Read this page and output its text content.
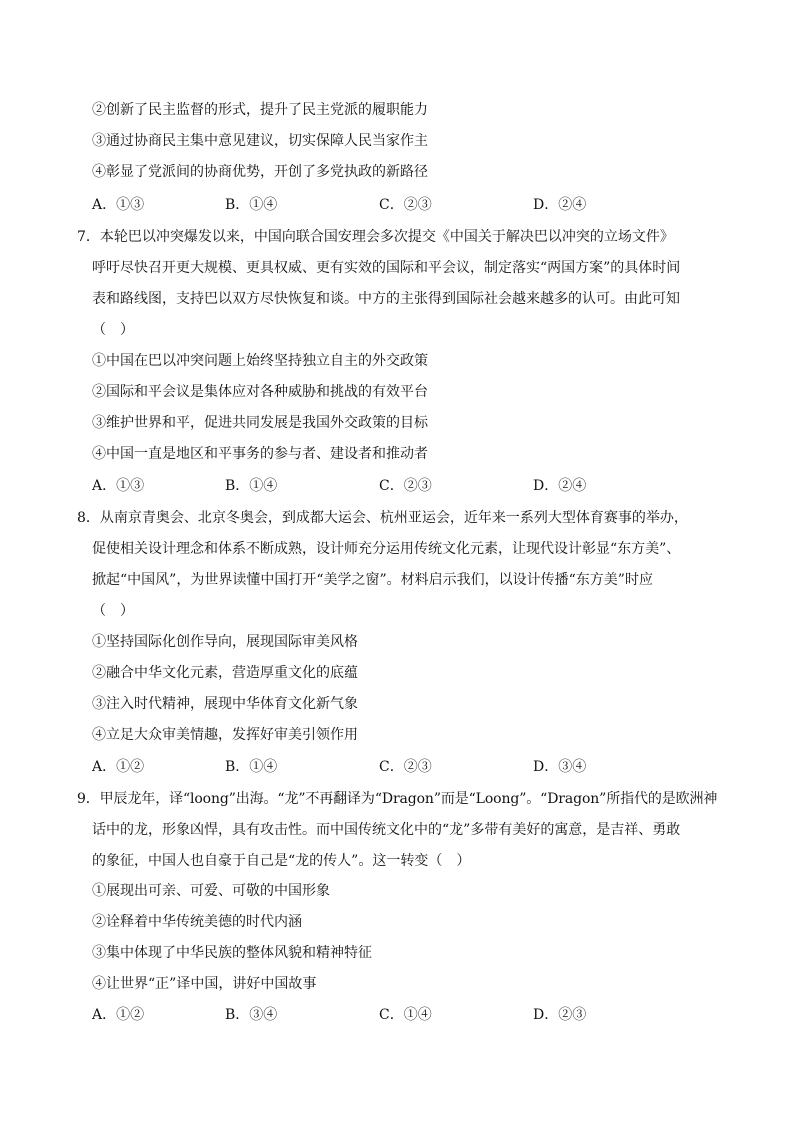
②创新了民主监督的形式，提升了民主党派的履职能力
③通过协商民主集中意见建议，切实保障人民当家作主
④彰显了党派间的协商优势，开创了多党执政的新路径
A．①③	B．①④	C．②③	D．②④
7．本轮巴以冲突爆发以来，中国向联合国安理会多次提交《中国关于解决巴以冲突的立场文件》
呼吁尽快召开更大规模、更具权威、更有实效的国际和平会议，制定落实“两国方案”的具体时间
表和路线图，支持巴以双方尽快恢复和谈。中方的主张得到国际社会越来越多的认可。由此可知
（　）
①中国在巴以冲突问题上始终坚持独立自主的外交政策
②国际和平会议是集体应对各种威胁和挑战的有效平台
③维护世界和平，促进共同发展是我国外交政策的目标
④中国一直是地区和平事务的参与者、建设者和推动者
A．①③	B．①④	C．②③	D．②④
8．从南京青奥会、北京冬奥会，到成都大运会、杭州亚运会，近年来一系列大型体育赛事的举办，
促使相关设计理念和体系不断成熟，设计师充分运用传统文化元素，让现代设计彰显“东方美”、
掀起“中国风”，为世界读懂中国打开“美学之窗”。材料启示我们，以设计传播“东方美”时应
（　）
①坚持国际化创作导向，展现国际审美风格
②融合中华文化元素，营造厚重文化的底蕴
③注入时代精神，展现中华体育文化新气象
④立足大众审美情趣，发挥好审美引领作用
A．①②	B．①④	C．②③	D．③④
9．甲辰龙年，译“loong”出海。“龙”不再翻译为“Dragon”而是“Loong”。“Dragon”所指代的是欧洲神
话中的龙，形象凶悍，具有攻击性。而中国传统文化中的“龙”多带有美好的寓意，是吉祥、勇敢
的象征，中国人也自豪于自己是“龙的传人”。这一转变（　）
①展现出可亲、可爱、可敬的中国形象
②诠释着中华传统美德的时代内涵
③集中体现了中华民族的整体风貌和精神特征
④让世界“正”译中国，讲好中国故事
A．①②	B．③④	C．①④	D．②③
